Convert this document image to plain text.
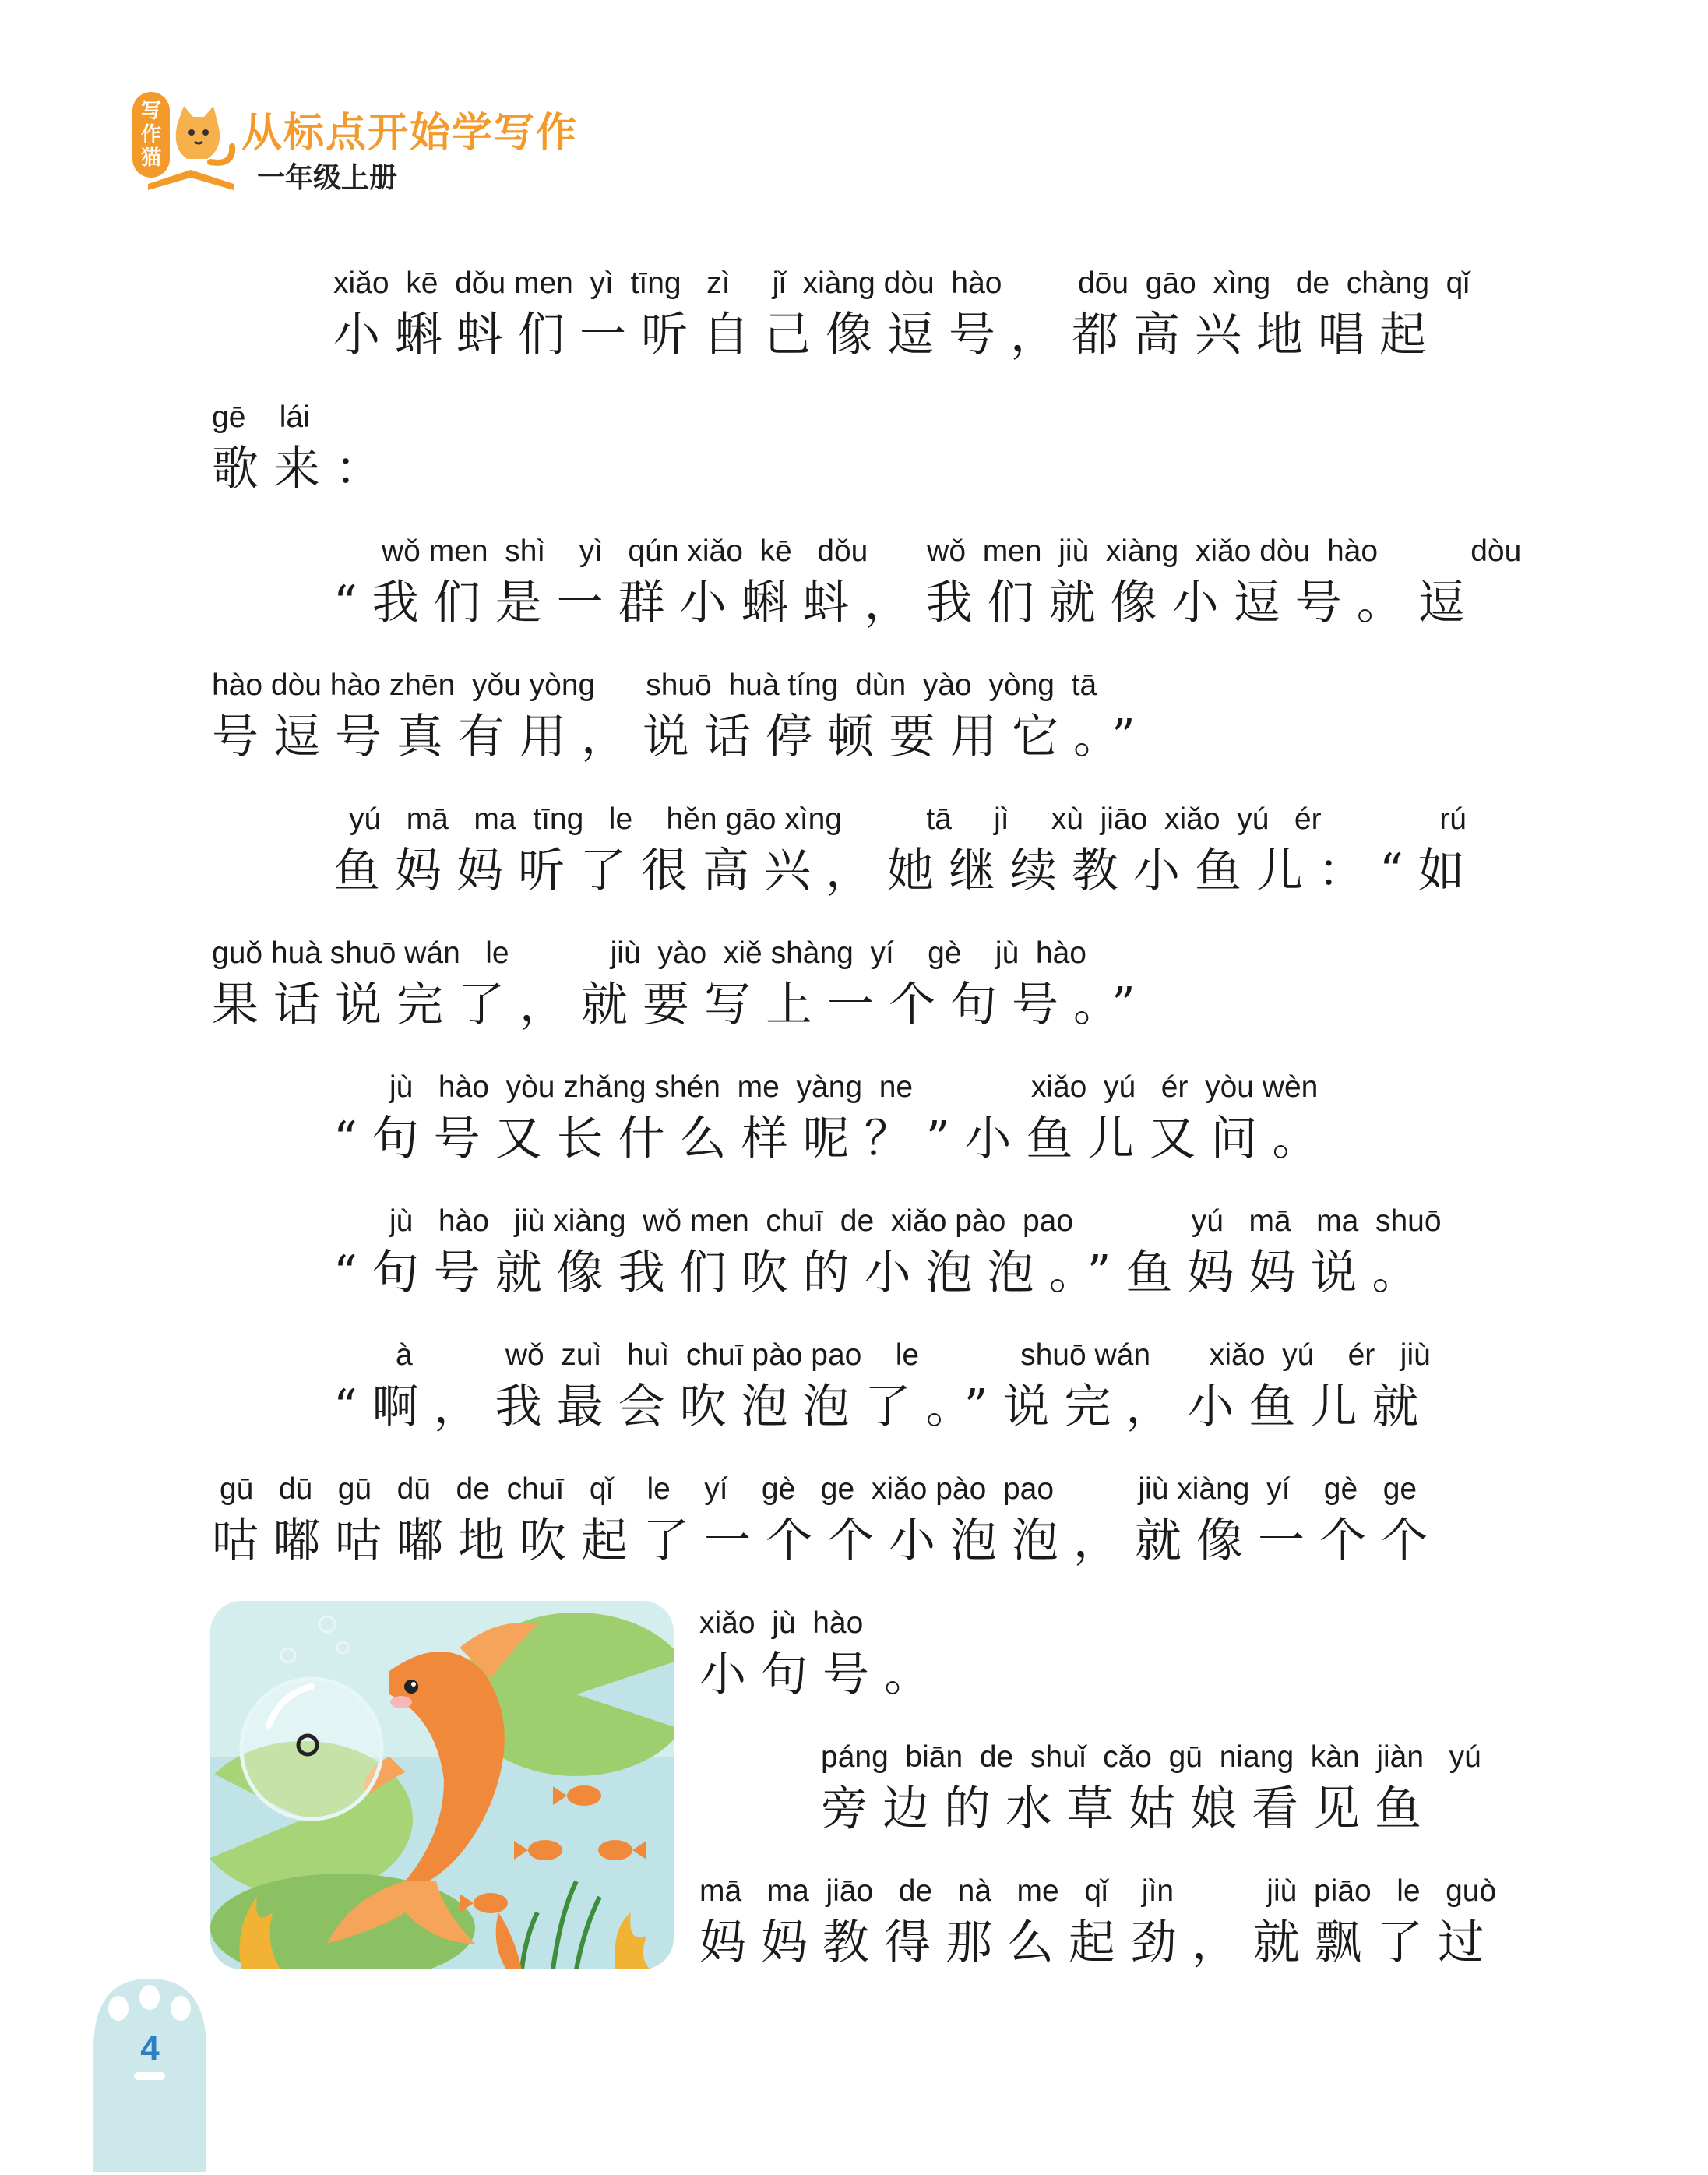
写作猫
从标点开始学写作
一年级上册
xiǎo  kē  dǒu men  yì  tīng   zì     jǐ  xiàng dòu  hào         dōu  gāo  xìng   de  chàng  qǐ
小蝌蚪们一听自己像逗号，都高兴地唱起
gē    lái
歌来：
wǒ men  shì    yì   qún xiǎo  kē   dǒu       wǒ  men  jiù  xiàng  xiǎo dòu  hào           dòu
“我们是一群小蝌蚪，我们就像小逗号。逗
hào dòu hào zhēn  yǒu yòng      shuō  huà tíng  dùn  yào  yòng  tā
号逗号真有用，说话停顿要用它。”
yú   mā   ma  tīng   le    hěn gāo xìng          tā     jì     xù  jiāo  xiǎo  yú   ér              rú
鱼妈妈听了很高兴，她继续教小鱼儿：“如
guǒ huà shuō wán   le            jiù  yào  xiě shàng  yí    gè    jù  hào
果话说完了，就要写上一个句号。”
jù   hào  yòu zhǎng shén  me  yàng  ne              xiǎo  yú   ér  yòu wèn
“句号又长什么样呢？”小鱼儿又问。
jù   hào   jiù xiàng  wǒ men  chuī  de  xiǎo pào  pao              yú   mā   ma  shuō
“句号就像我们吹的小泡泡。”鱼妈妈说。
à           wǒ  zuì   huì  chuī pào pao    le            shuō wán       xiǎo  yú    ér   jiù
“啊，我最会吹泡泡了。”说完，小鱼儿就
gū   dū   gū   dū   de  chuī   qǐ    le    yí    gè   ge  xiǎo pào  pao          jiù xiàng  yí    gè   ge
咕嘟咕嘟地吹起了一个个小泡泡，就像一个个
xiǎo  jù  hào
小句号。
páng  biān  de  shuǐ  cǎo  gū  niang  kàn  jiàn   yú
旁边的水草姑娘看见鱼
mā   ma  jiāo   de   nà   me   qǐ    jìn           jiù  piāo   le   guò
妈妈教得那么起劲，就飘了过
4
